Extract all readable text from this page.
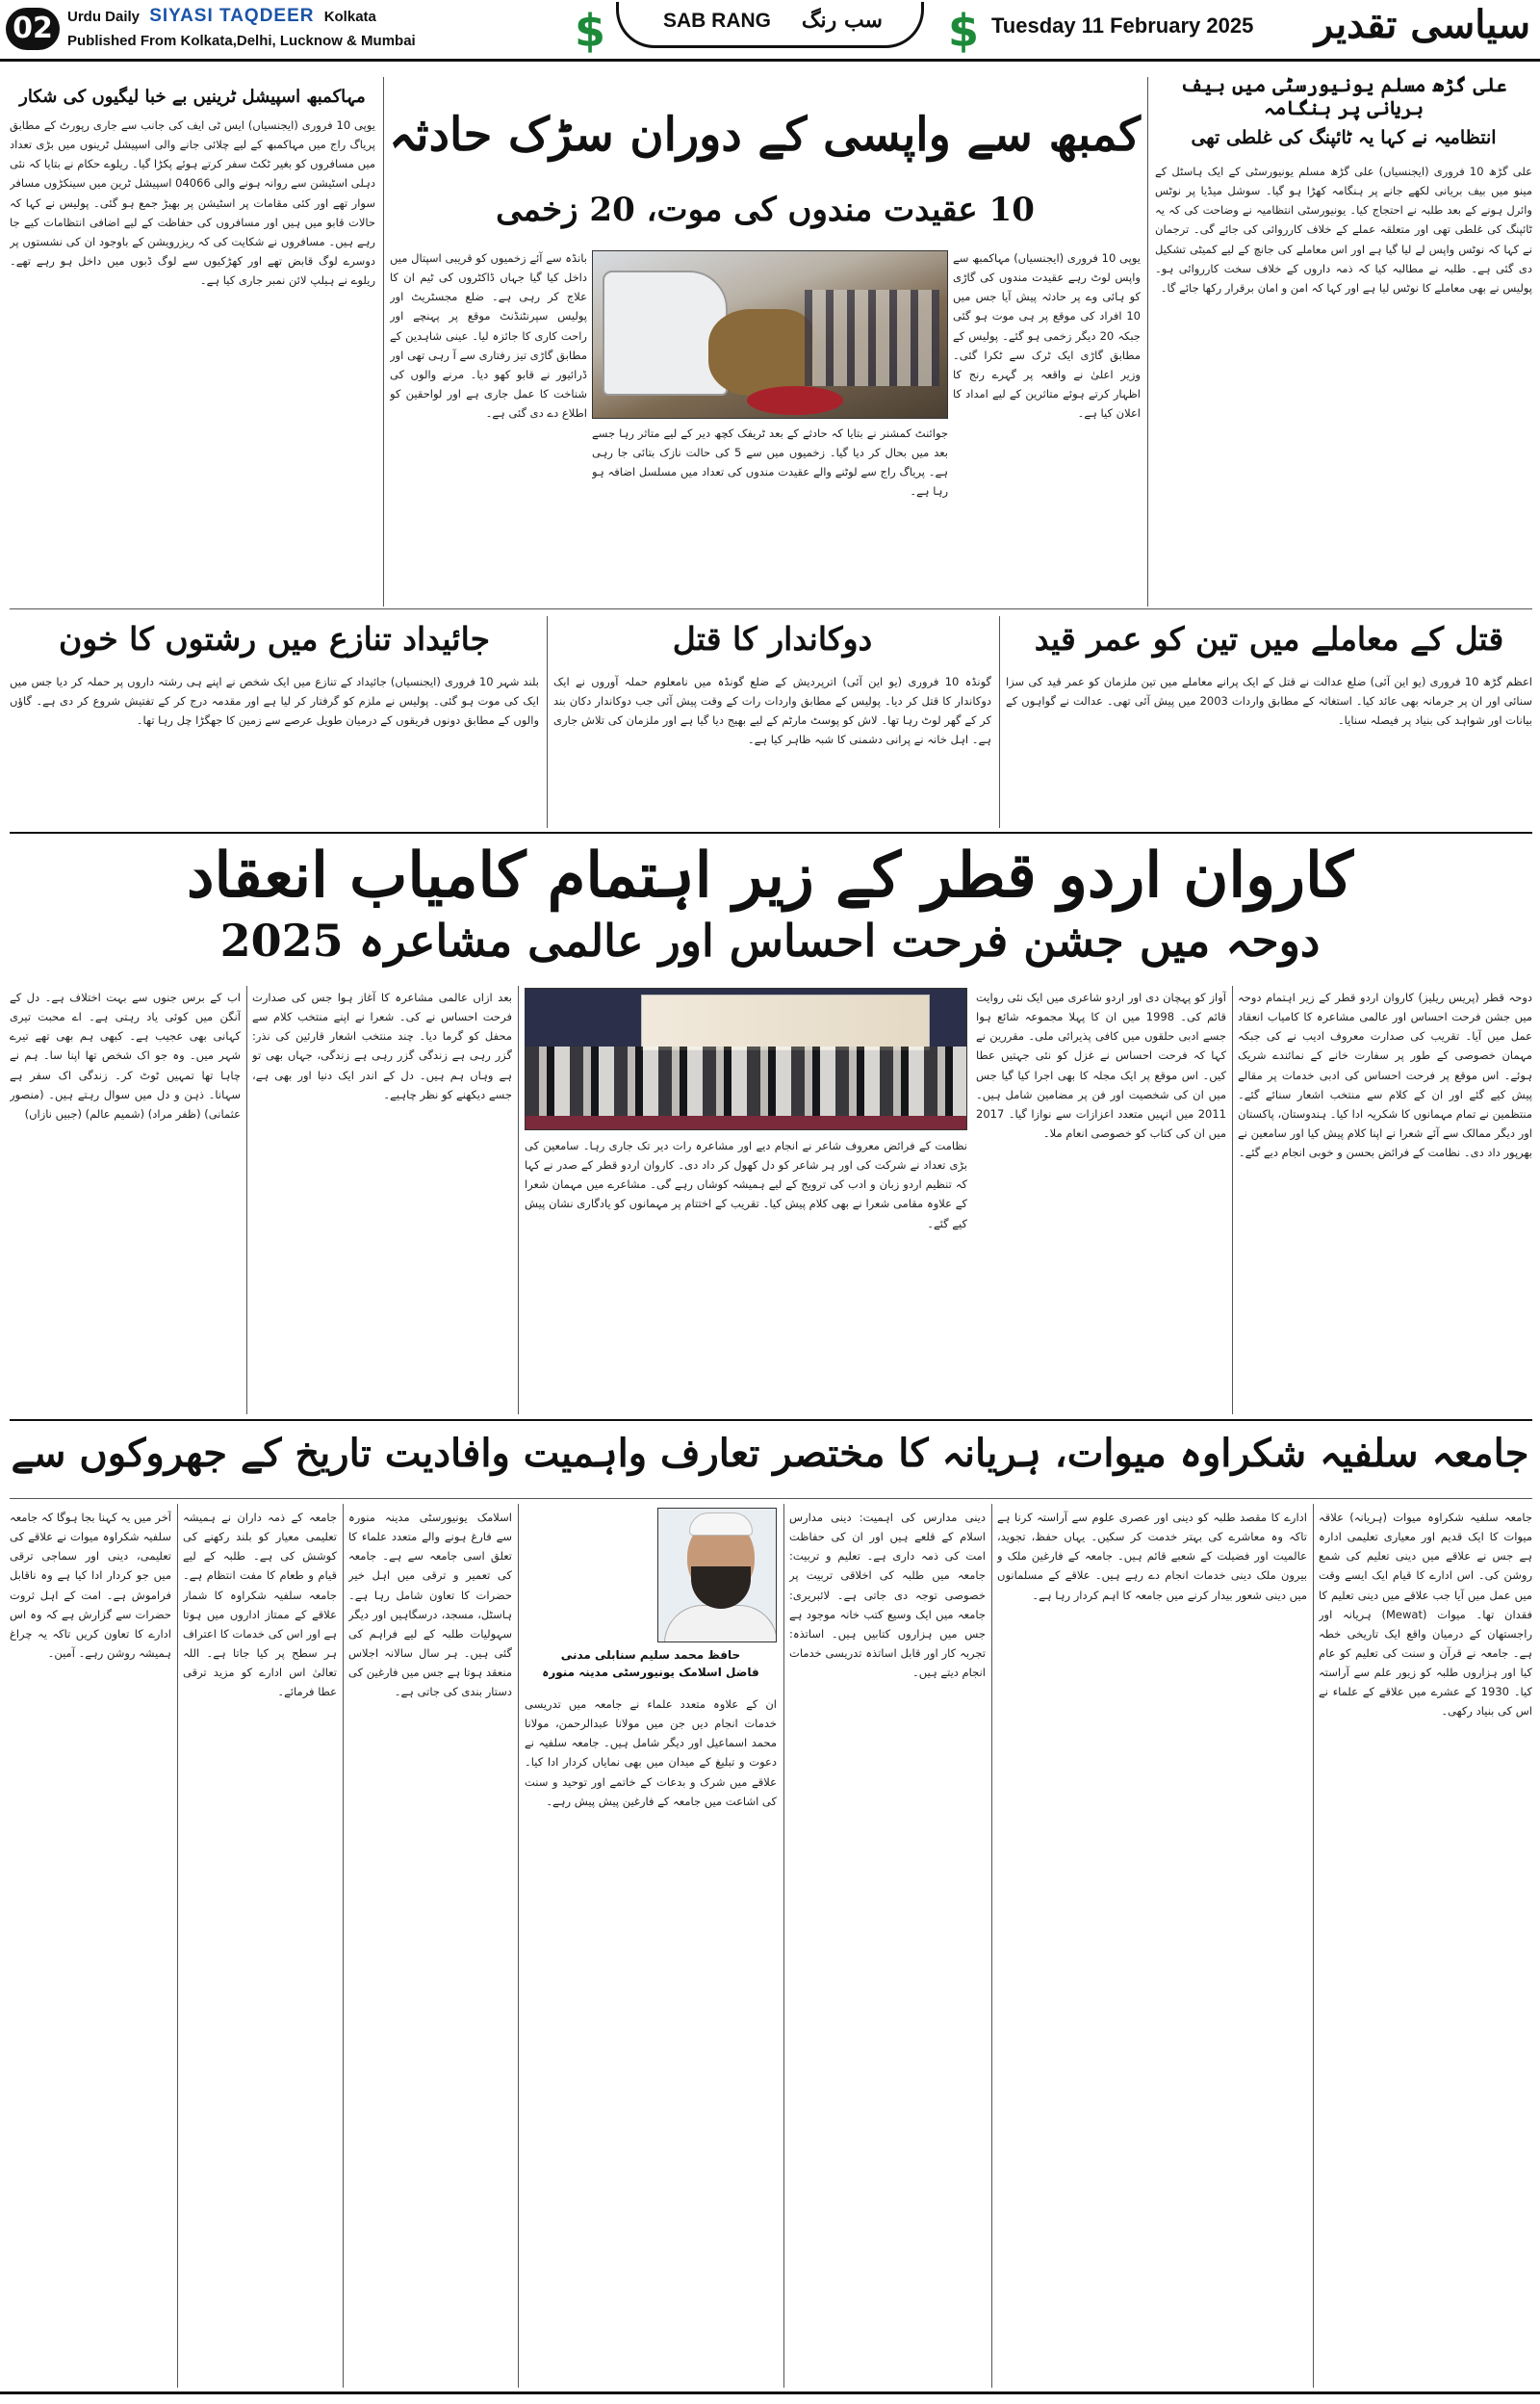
02	Urdu Daily SIYASI TAQDEER Kolkata
Published From Kolkata,Delhi, Lucknow & Mumbai	$	SAB RANG سب رنگ $ Tuesday 11 February 2025 سیاسی تقدیر
مہاکمبھ اسپیشل ٹرینیں بے خبا لیگیوں کی شکار
یوپی 10 فروری (ایجنسیاں) ایس ٹی ایف کی جانب سے جاری رپورٹ کے مطابق پریاگ راج میں مہاکمبھ کے لیے چلائی جانے والی اسپیشل ٹرینوں میں بڑی تعداد میں مسافروں کو بغیر ٹکٹ سفر کرتے ہوئے پکڑا گیا۔ ریلوے حکام نے بتایا کہ نئی دہلی اسٹیشن سے روانہ ہونے والی 04066 اسپیشل ٹرین میں سینکڑوں مسافر سوار تھے اور کئی مقامات پر اسٹیشن پر بھیڑ جمع ہو گئی۔ پولیس نے کہا کہ حالات قابو میں ہیں اور مسافروں کی حفاظت کے لیے اضافی انتظامات کیے جا رہے ہیں۔ مسافروں نے شکایت کی کہ ریزرویشن کے باوجود ان کی نشستوں پر دوسرے لوگ قابض تھے اور کھڑکیوں سے لوگ ڈبوں میں داخل ہو رہے تھے۔ ریلوے نے ہیلپ لائن نمبر جاری کیا ہے۔
کمبھ سے واپسی کے دوران سڑک حادثہ
10 عقیدت مندوں کی موت، 20 زخمی
بانڈہ سے آئے زخمیوں کو قریبی اسپتال میں داخل کیا گیا جہاں ڈاکٹروں کی ٹیم ان کا علاج کر رہی ہے۔ ضلع مجسٹریٹ اور پولیس سپرنٹنڈنٹ موقع پر پہنچے اور راحت کاری کا جائزہ لیا۔ عینی شاہدین کے مطابق گاڑی تیز رفتاری سے آ رہی تھی اور ڈرائیور نے قابو کھو دیا۔ مرنے والوں کی شناخت کا عمل جاری ہے اور لواحقین کو اطلاع دے دی گئی ہے۔
یوپی 10 فروری (ایجنسیاں) مہاکمبھ سے واپس لوٹ رہے عقیدت مندوں کی گاڑی کو ہائی وے پر حادثہ پیش آیا جس میں 10 افراد کی موقع پر ہی موت ہو گئی جبکہ 20 دیگر زخمی ہو گئے۔ پولیس کے مطابق گاڑی ایک ٹرک سے ٹکرا گئی۔ وزیر اعلیٰ نے واقعہ پر گہرے رنج کا اظہار کرتے ہوئے متاثرین کے لیے امداد کا اعلان کیا ہے۔
جوائنٹ کمشنر نے بتایا کہ حادثے کے بعد ٹریفک کچھ دیر کے لیے متاثر رہا جسے بعد میں بحال کر دیا گیا۔ زخمیوں میں سے 5 کی حالت نازک بتائی جا رہی ہے۔ پریاگ راج سے لوٹنے والے عقیدت مندوں کی تعداد میں مسلسل اضافہ ہو رہا ہے۔
علی گڑھ مسلم یونیورسٹی میں بیف بریانی پر ہنگامہ
انتظامیہ نے کہا یہ ٹائپنگ کی غلطی تھی
علی گڑھ 10 فروری (ایجنسیاں) علی گڑھ مسلم یونیورسٹی کے ایک ہاسٹل کے مینو میں بیف بریانی لکھے جانے پر ہنگامہ کھڑا ہو گیا۔ سوشل میڈیا پر نوٹس وائرل ہونے کے بعد طلبہ نے احتجاج کیا۔ یونیورسٹی انتظامیہ نے وضاحت کی کہ یہ ٹائپنگ کی غلطی تھی اور متعلقہ عملے کے خلاف کارروائی کی جائے گی۔ ترجمان نے کہا کہ نوٹس واپس لے لیا گیا ہے اور اس معاملے کی جانچ کے لیے کمیٹی تشکیل دی گئی ہے۔ طلبہ نے مطالبہ کیا کہ ذمہ داروں کے خلاف سخت کارروائی ہو۔ پولیس نے بھی معاملے کا نوٹس لیا ہے اور کہا کہ امن و امان برقرار رکھا جائے گا۔
جائیداد تنازع میں رشتوں کا خون
بلند شہر 10 فروری (ایجنسیاں) جائیداد کے تنازع میں ایک شخص نے اپنے ہی رشتہ داروں پر حملہ کر دیا جس میں ایک کی موت ہو گئی۔ پولیس نے ملزم کو گرفتار کر لیا ہے اور مقدمہ درج کر کے تفتیش شروع کر دی ہے۔ گاؤں والوں کے مطابق دونوں فریقوں کے درمیان طویل عرصے سے زمین کا جھگڑا چل رہا تھا۔
دوکاندار کا قتل
گونڈہ 10 فروری (یو این آئی) اترپردیش کے ضلع گونڈہ میں نامعلوم حملہ آوروں نے ایک دوکاندار کا قتل کر دیا۔ پولیس کے مطابق واردات رات کے وقت پیش آئی جب دوکاندار دکان بند کر کے گھر لوٹ رہا تھا۔ لاش کو پوسٹ مارٹم کے لیے بھیج دیا گیا ہے اور ملزمان کی تلاش جاری ہے۔ اہل خانہ نے پرانی دشمنی کا شبہ ظاہر کیا ہے۔
قتل کے معاملے میں تین کو عمر قید
اعظم گڑھ 10 فروری (یو این آئی) ضلع عدالت نے قتل کے ایک پرانے معاملے میں تین ملزمان کو عمر قید کی سزا سنائی اور ان پر جرمانہ بھی عائد کیا۔ استغاثہ کے مطابق واردات 2003 میں پیش آئی تھی۔ عدالت نے گواہوں کے بیانات اور شواہد کی بنیاد پر فیصلہ سنایا۔
کاروان اردو قطر کے زیر اہتمام کامیاب انعقاد
دوحہ میں جشن فرحت احساس اور عالمی مشاعرہ 2025
دوحہ قطر (پریس ریلیز) کاروان اردو قطر کے زیر اہتمام دوحہ میں جشن فرحت احساس اور عالمی مشاعرہ کا کامیاب انعقاد عمل میں آیا۔ تقریب کی صدارت معروف ادیب نے کی جبکہ مہمان خصوصی کے طور پر سفارت خانے کے نمائندے شریک ہوئے۔ اس موقع پر فرحت احساس کی ادبی خدمات پر مقالے پیش کیے گئے اور ان کے کلام سے منتخب اشعار سنائے گئے۔ منتظمین نے تمام مہمانوں کا شکریہ ادا کیا۔ ہندوستان، پاکستان اور دیگر ممالک سے آئے شعرا نے اپنا کلام پیش کیا اور سامعین نے بھرپور داد دی۔ نظامت کے فرائض بحسن و خوبی انجام دیے گئے۔
آواز کو پہچان دی اور اردو شاعری میں ایک نئی روایت قائم کی۔ 1998 میں ان کا پہلا مجموعہ شائع ہوا جسے ادبی حلقوں میں کافی پذیرائی ملی۔ مقررین نے کہا کہ فرحت احساس نے غزل کو نئی جہتیں عطا کیں۔ اس موقع پر ایک مجلہ کا بھی اجرا کیا گیا جس میں ان کی شخصیت اور فن پر مضامین شامل ہیں۔ 2011 میں انہیں متعدد اعزازات سے نوازا گیا۔ 2017 میں ان کی کتاب کو خصوصی انعام ملا۔
نظامت کے فرائض معروف شاعر نے انجام دیے اور مشاعرہ رات دیر تک جاری رہا۔ سامعین کی بڑی تعداد نے شرکت کی اور ہر شاعر کو دل کھول کر داد دی۔ کاروان اردو قطر کے صدر نے کہا کہ تنظیم اردو زبان و ادب کی ترویج کے لیے ہمیشہ کوشاں رہے گی۔ مشاعرے میں مہمان شعرا کے علاوہ مقامی شعرا نے بھی کلام پیش کیا۔ تقریب کے اختتام پر مہمانوں کو یادگاری نشان پیش کیے گئے۔
بعد ازاں عالمی مشاعرہ کا آغاز ہوا جس کی صدارت فرحت احساس نے کی۔ شعرا نے اپنے منتخب کلام سے محفل کو گرما دیا۔ چند منتخب اشعار قارئین کی نذر: گزر رہی ہے زندگی گزر رہی ہے زندگی، جہاں بھی تو ہے وہاں ہم ہیں۔ دل کے اندر ایک دنیا اور بھی ہے، جسے دیکھنے کو نظر چاہیے۔
اب کے برس جنوں سے بہت اختلاف ہے۔ دل کے آنگن میں کوئی یاد رہتی ہے۔ اے محبت تیری کہانی بھی عجیب ہے۔ کبھی ہم بھی تھے تیرے شہر میں۔ وہ جو اک شخص تھا اپنا سا۔ ہم نے چاہا تھا تمہیں ٹوٹ کر۔ زندگی اک سفر ہے سہانا۔ ذہن و دل میں سوال رہتے ہیں۔ (منصور عثمانی) (ظفر مراد) (شمیم عالم) (جبیں نازاں)
جامعہ سلفیہ شکراوہ میوات، ہریانہ کا مختصر تعارف واہمیت وافادیت تاریخ کے جھروکوں سے
جامعہ سلفیہ شکراوہ میوات (ہریانہ) علاقہ میوات کا ایک قدیم اور معیاری تعلیمی ادارہ ہے جس نے علاقے میں دینی تعلیم کی شمع روشن کی۔ اس ادارے کا قیام ایک ایسے وقت میں عمل میں آیا جب علاقے میں دینی تعلیم کا فقدان تھا۔ میوات (Mewat) ہریانہ اور راجستھان کے درمیان واقع ایک تاریخی خطہ ہے۔ جامعہ نے قرآن و سنت کی تعلیم کو عام کیا اور ہزاروں طلبہ کو زیور علم سے آراستہ کیا۔ 1930 کے عشرے میں علاقے کے علماء نے اس کی بنیاد رکھی۔
ادارے کا مقصد طلبہ کو دینی اور عصری علوم سے آراستہ کرنا ہے تاکہ وہ معاشرے کی بہتر خدمت کر سکیں۔ یہاں حفظ، تجوید، عالمیت اور فضیلت کے شعبے قائم ہیں۔ جامعہ کے فارغین ملک و بیرون ملک دینی خدمات انجام دے رہے ہیں۔ علاقے کے مسلمانوں میں دینی شعور بیدار کرنے میں جامعہ کا اہم کردار رہا ہے۔
دینی مدارس کی اہمیت: دینی مدارس اسلام کے قلعے ہیں اور ان کی حفاظت امت کی ذمہ داری ہے۔ تعلیم و تربیت: جامعہ میں طلبہ کی اخلاقی تربیت پر خصوصی توجہ دی جاتی ہے۔ لائبریری: جامعہ میں ایک وسیع کتب خانہ موجود ہے جس میں ہزاروں کتابیں ہیں۔ اساتذہ: تجربہ کار اور قابل اساتذہ تدریسی خدمات انجام دیتے ہیں۔
حافظ محمد سلیم سنابلی مدنی
فاضل اسلامک یونیورسٹی مدینہ منورہ
ان کے علاوہ متعدد علماء نے جامعہ میں تدریسی خدمات انجام دیں جن میں مولانا عبدالرحمن، مولانا محمد اسماعیل اور دیگر شامل ہیں۔ جامعہ سلفیہ نے دعوت و تبلیغ کے میدان میں بھی نمایاں کردار ادا کیا۔ علاقے میں شرک و بدعات کے خاتمے اور توحید و سنت کی اشاعت میں جامعہ کے فارغین پیش پیش رہے۔
اسلامک یونیورسٹی مدینہ منورہ سے فارغ ہونے والے متعدد علماء کا تعلق اسی جامعہ سے ہے۔ جامعہ کی تعمیر و ترقی میں اہل خیر حضرات کا تعاون شامل رہا ہے۔ ہاسٹل، مسجد، درسگاہیں اور دیگر سہولیات طلبہ کے لیے فراہم کی گئی ہیں۔ ہر سال سالانہ اجلاس منعقد ہوتا ہے جس میں فارغین کی دستار بندی کی جاتی ہے۔
جامعہ کے ذمہ داران نے ہمیشہ تعلیمی معیار کو بلند رکھنے کی کوشش کی ہے۔ طلبہ کے لیے قیام و طعام کا مفت انتظام ہے۔ جامعہ سلفیہ شکراوہ کا شمار علاقے کے ممتاز اداروں میں ہوتا ہے اور اس کی خدمات کا اعتراف ہر سطح پر کیا جاتا ہے۔ اللہ تعالیٰ اس ادارے کو مزید ترقی عطا فرمائے۔
آخر میں یہ کہنا بجا ہوگا کہ جامعہ سلفیہ شکراوہ میوات نے علاقے کی تعلیمی، دینی اور سماجی ترقی میں جو کردار ادا کیا ہے وہ ناقابل فراموش ہے۔ امت کے اہل ثروت حضرات سے گزارش ہے کہ وہ اس ادارے کا تعاون کریں تاکہ یہ چراغ ہمیشہ روشن رہے۔ آمین۔
